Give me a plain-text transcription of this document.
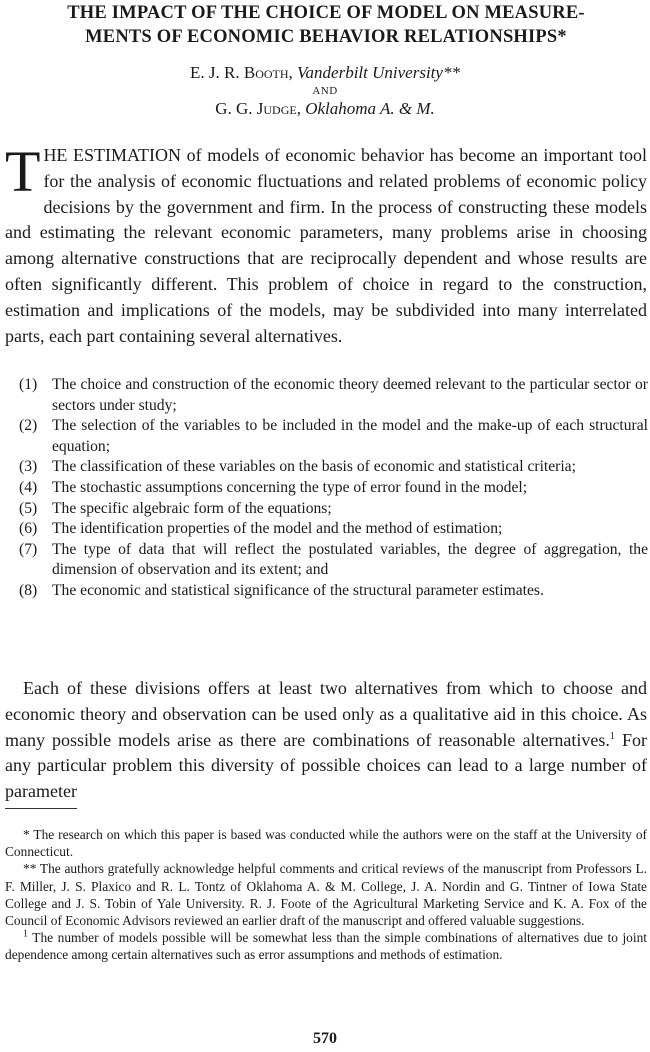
THE IMPACT OF THE CHOICE OF MODEL ON MEASURE-
MENTS OF ECONOMIC BEHAVIOR RELATIONSHIPS*
E. J. R. Booth, Vanderbilt University**
AND
G. G. Judge, Oklahoma A. & M.

THE ESTIMATION of models of economic behavior has become an important tool for the analysis of economic fluctuations and related problems of economic policy decisions by the government and firm. In the process of constructing these models and estimating the relevant economic parameters, many problems arise in choosing among alternative constructions that are reciprocally dependent and whose results are often significantly different. This problem of choice in regard to the construction, estimation and implications of the models, may be subdivided into many interrelated parts, each part containing several alternatives.

(1) The choice and construction of the economic theory deemed relevant to the particular sector or sectors under study;
(2) The selection of the variables to be included in the model and the make-up of each structural equation;
(3) The classification of these variables on the basis of economic and statistical criteria;
(4) The stochastic assumptions concerning the type of error found in the model;
(5) The specific algebraic form of the equations;
(6) The identification properties of the model and the method of estimation;
(7) The type of data that will reflect the postulated variables, the degree of aggregation, the dimension of observation and its extent; and
(8) The economic and statistical significance of the structural parameter estimates.

Each of these divisions offers at least two alternatives from which to choose and economic theory and observation can be used only as a qualitative aid in this choice. As many possible models arise as there are combinations of reasonable alternatives.$^1$ For any particular problem this diversity of possible choices can lead to a large number of parameter

* The research on which this paper is based was conducted while the authors were on the staff at the University of Connecticut.

** The authors gratefully acknowledge helpful comments and critical reviews of the manuscript from Professors L. F. Miller, J. S. Plaxico and R. L. Tontz of Oklahoma A. & M. College, J. A. Nordin and G. Tintner of Iowa State College and J. S. Tobin of Yale University. R. J. Foote of the Agricultural Marketing Service and K. A. Fox of the Council of Economic Advisors reviewed an earlier draft of the manuscript and offered valuable suggestions.

$^1$ The number of models possible will be somewhat less than the simple combinations of alternatives due to joint dependence among certain alternatives such as error assumptions and methods of estimation.

570
